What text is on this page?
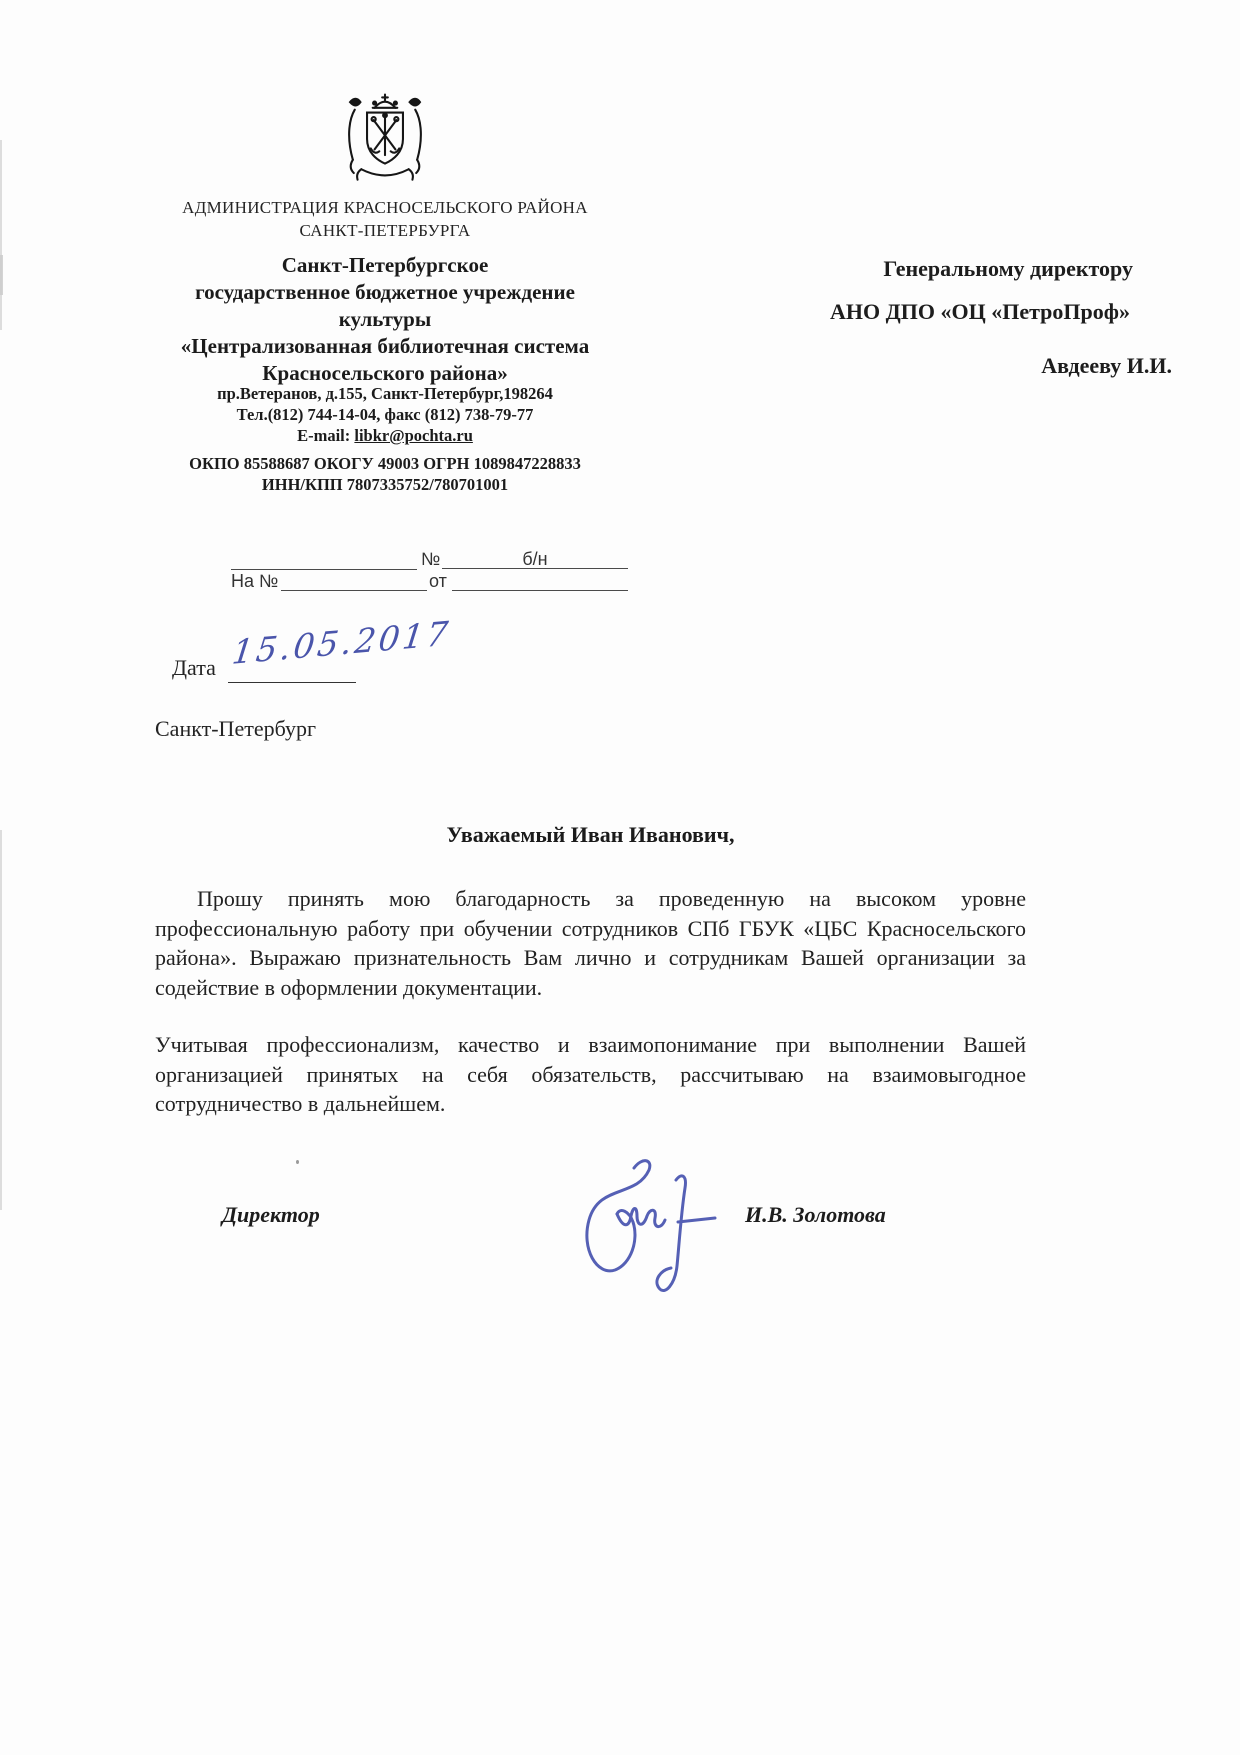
АДМИНИСТРАЦИЯ КРАСНОСЕЛЬСКОГО РАЙОНА
САНКТ-ПЕТЕРБУРГА
Санкт-Петербургское
государственное бюджетное учреждение
культуры
«Централизованная библиотечная система
Красносельского района»
пр.Ветеранов, д.155, Санкт-Петербург,198264
Тел.(812) 744-14-04, факс (812) 738-79-77
E-mail: libkr@pochta.ru
ОКПО 85588687 ОКОГУ 49003 ОГРН 1089847228833
ИНН/КПП 7807335752/780701001
№	б/н
На №	от
Генеральному директору
АНО ДПО «ОЦ «ПетроПроф»
Авдееву И.И.
Дата 15.05.2017
Санкт-Петербург
Уважаемый Иван Иванович,
Прошу принять мою благодарность за проведенную на высоком уровне профессиональную работу при обучении сотрудников СПб ГБУК «ЦБС Красносельского района». Выражаю признательность Вам лично и сотрудникам Вашей организации за содействие в оформлении документации.
Учитывая профессионализм, качество и взаимопонимание при выполнении Вашей организацией принятых на себя обязательств, рассчитываю на взаимовыгодное сотрудничество в дальнейшем.
Директор	И.В. Золотова
